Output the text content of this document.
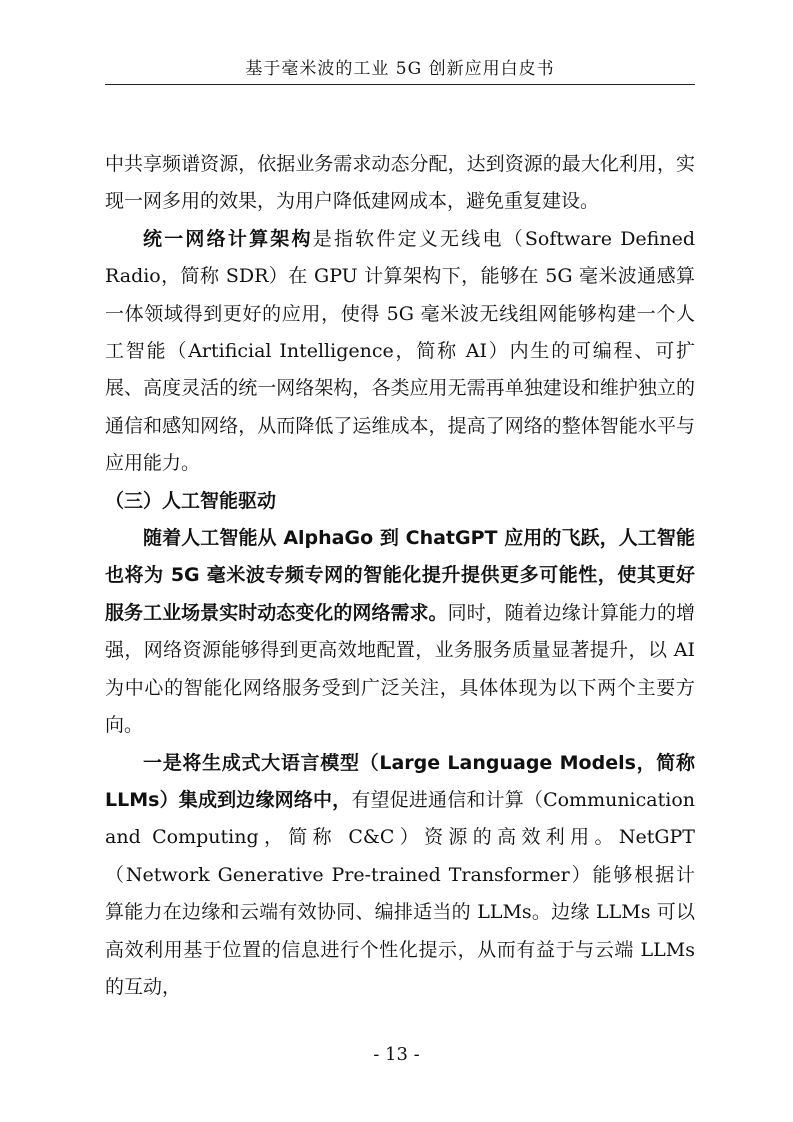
基于毫米波的工业 5G 创新应用白皮书

中共享频谱资源，依据业务需求动态分配，达到资源的最大化利用，实现一网多用的效果，为用户降低建网成本，避免重复建设。

统一网络计算架构是指软件定义无线电（Software Defined Radio，简称 SDR）在 GPU 计算架构下，能够在 5G 毫米波通感算一体领域得到更好的应用，使得 5G 毫米波无线组网能够构建一个人工智能（Artificial Intelligence，简称 AI）内生的可编程、可扩展、高度灵活的统一网络架构，各类应用无需再单独建设和维护独立的通信和感知网络，从而降低了运维成本，提高了网络的整体智能水平与应用能力。

（三）人工智能驱动

随着人工智能从 AlphaGo 到 ChatGPT 应用的飞跃，人工智能也将为 5G 毫米波专频专网的智能化提升提供更多可能性，使其更好服务工业场景实时动态变化的网络需求。同时，随着边缘计算能力的增强，网络资源能够得到更高效地配置，业务服务质量显著提升，以 AI 为中心的智能化网络服务受到广泛关注，具体体现为以下两个主要方向。

一是将生成式大语言模型（Large Language Models，简称 LLMs）集成到边缘网络中，有望促进通信和计算（Communication and Computing，简称 C&C）资源的高效利用。NetGPT（Network Generative Pre-trained Transformer）能够根据计算能力在边缘和云端有效协同、编排适当的 LLMs。边缘 LLMs 可以高效利用基于位置的信息进行个性化提示，从而有益于与云端 LLMs 的互动，

- 13 -
